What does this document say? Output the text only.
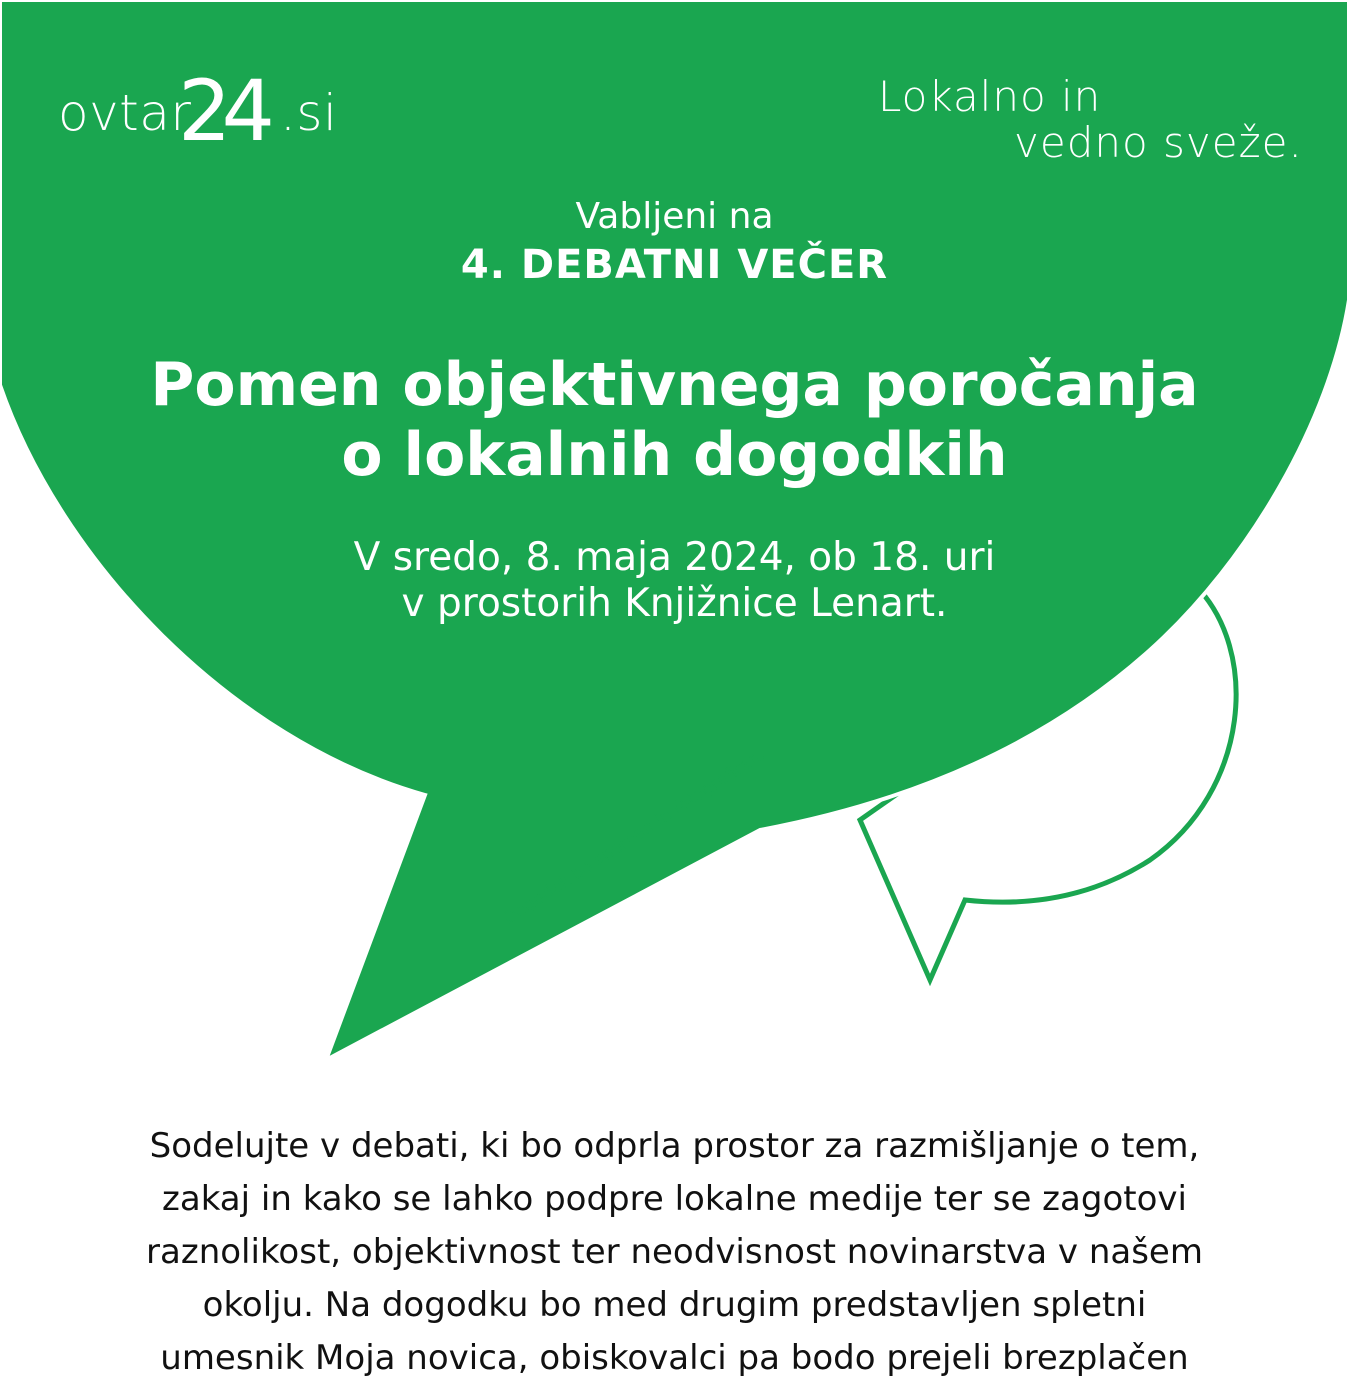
ovtar
24 .si	Lokalno in
vedno sveže.
Vabljeni na
4. DEBATNI VEČER
Pomen objektivnega poročanja
o lokalnih dogodkih
V sredo, 8. maja 2024, ob 18. uri
v prostorih Knjižnice Lenart.
Dogodek bo sneman in fotografiran.
Sodelujte v debati, ki bo odprla prostor za razmišljanje o tem,
zakaj in kako se lahko podpre lokalne medije ter se zagotovi
raznolikost, objektivnost ter neodvisnost novinarstva v našem
okolju. Na dogodku bo med drugim predstavljen spletni
umesnik Moja novica, obiskovalci pa bodo prejeli brezplačen
